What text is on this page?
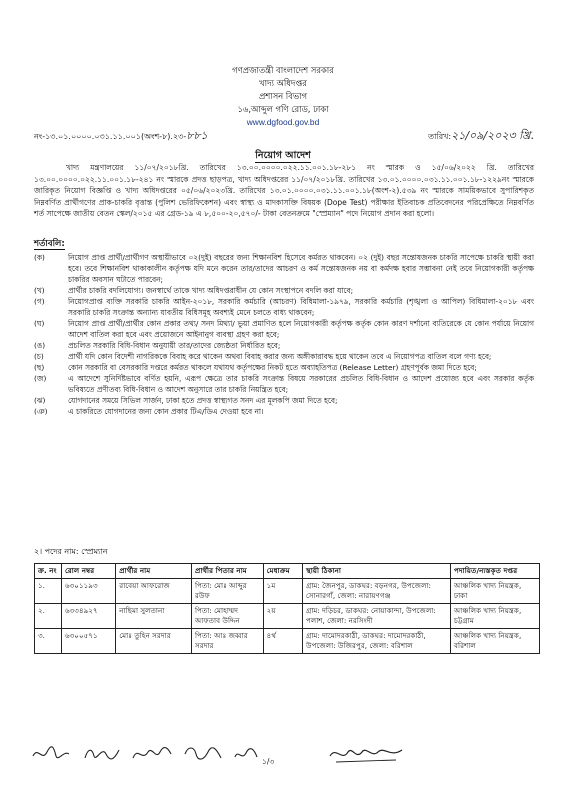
গণপ্রজাতন্ত্রী বাংলাদেশ সরকার
খাদ্য অধিদপ্তর
প্রশাসন বিভাগ
১৬,আব্দুল গণি রোড, ঢাকা
www.dgfood.gov.bd
নং-১৩.০১.০০০০.০৩১.১১.০০১(অংশ-৮).২৩-৮৮১	তারিখ:২১/০৯/২০২৩ খ্রি.
নিয়োগ আদেশ
খাদ্য মন্ত্রণালয়ের ১১/০৭/২০১৮খ্রি. তারিখের ১৩.০০.০০০০.০২২.১১.০০১.১৮-২৮১ নং স্মারক ও ১৫/০৬/২০২২ খ্রি. তারিখের ১৩.০০.০০০০.০২২.১১.০০১.১৮-২৪১ নং স্মারকে প্রদত্ত ছাড়পত্র, খাদ্য অধিদপ্তরের ১১/০৭/২০১৮খ্রি. তারিখের ১৩.০১.০০০০.০৩১.১১.০০১.১৮-১২২৯নং স্মারকে জারিকৃত নিয়োগ বিজ্ঞপ্তি ও খাদ্য অধিদপ্তরের ০৫/০৬/২০২৩খ্রি. তারিখের ১৩.০১.০০০০.০৩১.১১.০০১.১৮(অংশ-২).৫৩৯ নং স্মারকে সাময়িকভাবে সুপারিশকৃত নিম্নবর্ণিত প্রার্থীগণের প্রাক-চাকরি বৃত্তান্ত (পুলিশ ভেরিফিকেশন) এবং স্বাস্থ্য ও মাদকাসক্তি বিষয়ক (Dope Test) পরীক্ষার ইতিবাচক প্রতিবেদনের পরিপ্রেক্ষিতে নিম্নবর্ণিত শর্ত সাপেক্ষে জাতীয় বেতন স্কেল/২০১৫ এর গ্রেড-১৯ এ ৮,৫০০-২০,৫৭০/- টাকা বেতনক্রমে "স্প্রেম্যান" পদে নিয়োগ প্রদান করা হলো।
শর্তাবলি:
(ক)	নিয়োগ প্রাপ্ত প্রার্থী/প্রার্থীগণ অস্থায়ীভাবে ০২(দুই) বছরের জন্য শিক্ষানবিশ হিসেবে কর্মরত থাকবেন। ০২ (দুই) বছর সন্তোষজনক চাকরি সাপেক্ষে চাকরি স্থায়ী করা হবে। তবে শিক্ষানবিশ থাকাকালীন কর্তৃপক্ষ যদি মনে করেন তার/তাদের আচরণ ও কর্ম সন্তোষজনক নয় বা কর্মদক্ষ হবার সম্ভাবনা নেই তবে নিয়োগকারী কর্তৃপক্ষ চাকরির অবসান ঘটাতে পারবেন;
(খ)	প্রার্থীর চাকরি বদলিযোগ্য। জনস্বার্থে তাকে খাদ্য অধিদপ্তরাধীন যে কোন সংস্থাপনে বদলি করা যাবে;
(গ)	নিয়োগপ্রাপ্ত ব্যক্তি সরকারি চাকরি আইন-২০১৮, সরকারি কর্মচারি (আচরণ) বিধিমালা-১৯৭৯, সরকারি কর্মচারি (শৃঙ্খলা ও আপিল) বিধিমালা-২০১৮ এবং সরকারি চাকরি সংক্রান্ত অন্যান্য যাবতীয় বিধিসমূহ অবশ্যই মেনে চলতে বাধ্য থাকবেন;
(ঘ)	নিয়োগ প্রাপ্ত প্রার্থী/প্রার্থীর কোন প্রকার তথ্য/ সনদ মিথ্যা/ ভুয়া প্রমাণিত হলে নিয়োগকারী কর্তৃপক্ষ কর্তৃক কোন কারণ দর্শানো ব্যতিরেকে যে কোন পর্যায়ে নিয়োগ আদেশ বাতিল করা হবে এবং প্রয়োজনে আইনানুগ ব্যবস্থা গ্রহণ করা হবে;
(ঙ)	প্রচলিত সরকারি বিধি-বিধান অনুযায়ী তার/তাদের জ্যেষ্ঠতা নির্ধারিত হবে;
(চ)	প্রার্থী যদি কোন বিদেশী নাগরিককে বিবাহ করে থাকেন অথবা বিবাহ করার জন্য অঙ্গীকারাবদ্ধ হয়ে থাকেন তবে এ নিয়োগপত্র বাতিল বলে গণ্য হবে;
(ছ)	কোন সরকারি বা বেসরকারি দপ্তরে কর্মরত থাকলে যথাযথ কর্তৃপক্ষের নিকট হতে অব্যাহতিপত্র (Release Letter) গ্রহণপূর্বক জমা দিতে হবে;
(জ)	এ আদেশে সুনির্দিষ্টভাবে বর্ণিত হয়নি, এরূপ ক্ষেত্রে তার চাকরি সংক্রান্ত বিষয়ে সরকারের প্রচলিত বিধি-বিধান ও আদেশ প্রযোজ্য হবে এবং সরকার কর্তৃক ভবিষ্যতে প্রণীতব্য বিধি-বিধান ও আদেশ অনুসারে তার চাকরি নিয়ন্ত্রিত হবে;
(ঝ)	যোগদানের সময়ে সিভিল সার্জন, ঢাকা হতে প্রদত্ত স্বাস্থ্যগত সনদ এর মূলকপি জমা দিতে হবে;
(ঞ)	এ চাকরিতে যোগদানের জন্য কোন প্রকার টিএ/ডিএ দেওয়া হবে না।
২। পদের নাম: স্প্রেম্যান
ক্র. নং	রোল নম্বর	প্রার্থীর নাম	প্রার্থীর পিতার নাম	মেধাক্রম	স্থায়ী ঠিকানা	পদায়িত/ন্যস্তকৃত দপ্তর
১.	৬৩০১১৯৩	রাবেয়া আফরোজ	পিতা: মোঃ আব্দুর রউফ	১ম	গ্রাম: জৈনপুর, ডাকঘর: বড়নগর, উপজেলা: সোনারগাঁ, জেলা: নারায়ণগঞ্জ	আঞ্চলিক খাদ্য নিয়ন্ত্রক, ঢাকা
২.	৬৩৩৪৯২৭	নাছিমা সুলতানা	পিতা: মোহাম্মদ আফতাব উদ্দিন	২য়	গ্রাম: দড়িচর, ডাকঘর: নোয়াকান্দা, উপজেলা: পলাশ, জেলা: নরসিংদী	আঞ্চলিক খাদ্য নিয়ন্ত্রক, চট্টগ্রাম
৩.	৬৩০০৫৭১	মোঃ তুহিন সরদার	পিতা: আঃ জব্বার সরদার	৪র্থ	গ্রাম: দামোদরকাঠী, ডাকঘর: দামোদরকাঠী, উপজেলা: উজিরপুর, জেলা: বরিশাল	আঞ্চলিক খাদ্য নিয়ন্ত্রক, বরিশাল
১/৩
